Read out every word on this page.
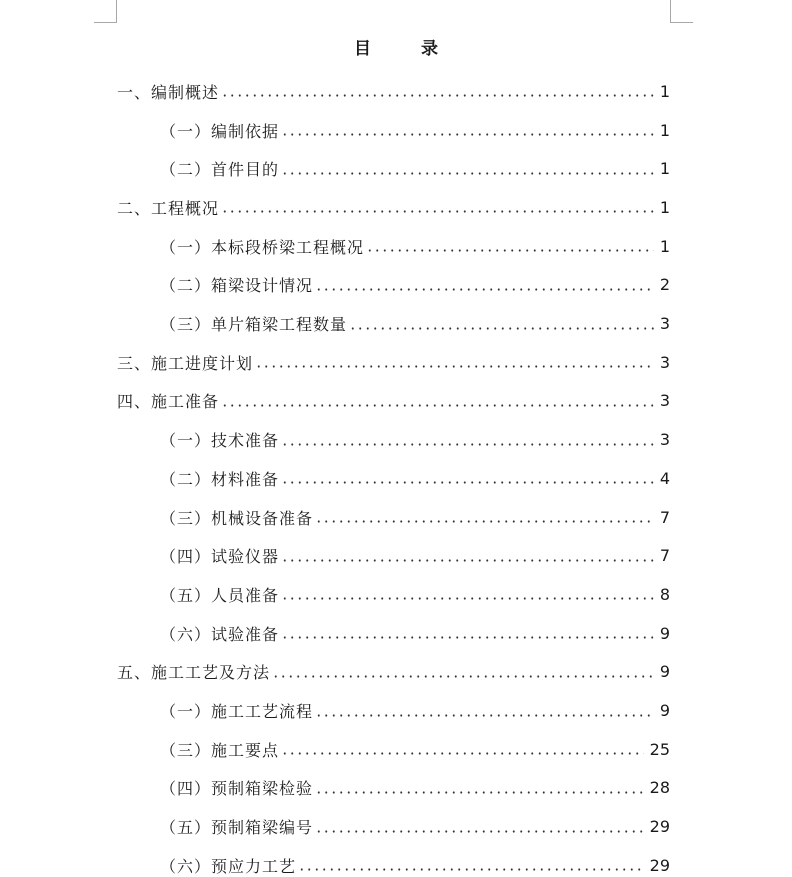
目 录
一、编制概述	1
（一）编制依据	1
（二）首件目的	1
二、工程概况	1
（一）本标段桥梁工程概况	1
（二）箱梁设计情况	2
（三）单片箱梁工程数量	3
三、施工进度计划	3
四、施工准备	3
（一）技术准备	3
（二）材料准备	4
（三）机械设备准备	7
（四）试验仪器	7
（五）人员准备	8
（六）试验准备	9
五、施工工艺及方法	9
（一）施工工艺流程	9
（三）施工要点	25
（四）预制箱梁检验	28
（五）预制箱梁编号	29
（六）预应力工艺	29
